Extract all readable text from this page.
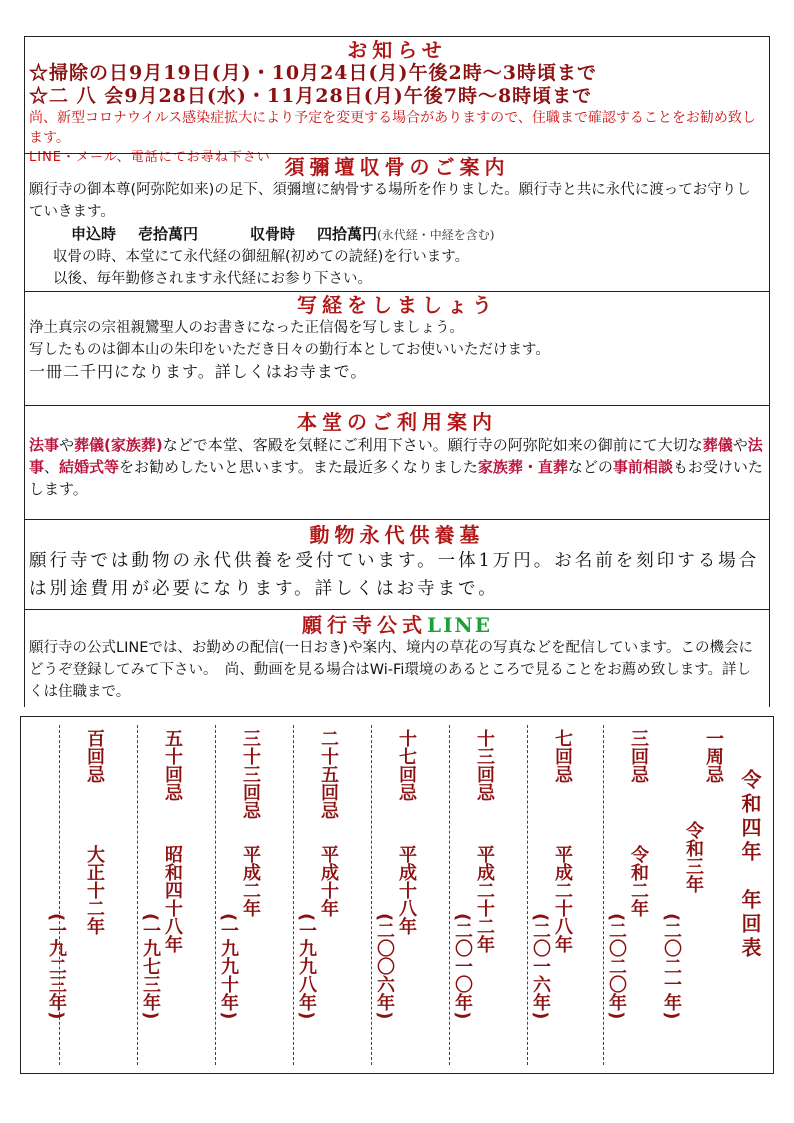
お知らせ
☆掃除の日9月19日(月)・10月24日(月)午後2時～3時頃まで
☆二 八 会9月28日(水)・11月28日(月)午後7時～8時頃まで
尚、新型コロナウイルス感染症拡大により予定を変更する場合がありますので、住職まで確認することをお勧め致します。
LINE・メール、電話にてお尋ね下さい 須彌壇収骨のご案内
願行寺の御本尊(阿弥陀如来)の足下、須彌壇に納骨する場所を作りました。願行寺と共に永代に渡ってお守りしていきます。
申込時 壱拾萬円	収骨時 四拾萬円(永代経・中経を含む)
収骨の時、本堂にて永代経の御紐解(初めての読経)を行います。
以後、毎年勤修されます永代経にお参り下さい。
写経をしましょう
浄土真宗の宗祖親鸞聖人のお書きになった正信偈を写しましょう。
写したものは御本山の朱印をいただき日々の勤行本としてお使いいただけます。
一冊二千円になります。詳しくはお寺まで。
本堂のご利用案内
法事や葬儀(家族葬)などで本堂、客殿を気軽にご利用下さい。願行寺の阿弥陀如来の御前にて大切な葬儀や法事、結婚式等をお勧めしたいと思います。また最近多くなりました家族葬・直葬などの事前相談もお受けいたします。
動物永代供養墓
願行寺では動物の永代供養を受付ています。一体1万円。お名前を刻印する場合は別途費用が必要になります。詳しくはお寺まで。
願行寺公式LINE
願行寺の公式LINEでは、お勤めの配信(一日おき)や案内、境内の草花の写真などを配信しています。この機会にどうぞ登録してみて下さい。　尚、動画を見る場合はWi-Fi環境のあるところで見ることをお薦め致します。詳しくは住職まで。
令和四年　年回表
一周忌
令和三年
(二〇二一年)
三回忌
令和二年
(二〇二〇年)
七回忌
平成二十八年
(二〇一六年)
十三回忌
平成二十二年
(二〇一〇年)
十七回忌
平成十八年
(二〇〇六年)
二十五回忌
平成十年
(一九九八年)
三十三回忌
平成二年
(一九九十年)
五十回忌
昭和四十八年
(一九七三年)
百回忌
大正十二年
(一九二三年)
